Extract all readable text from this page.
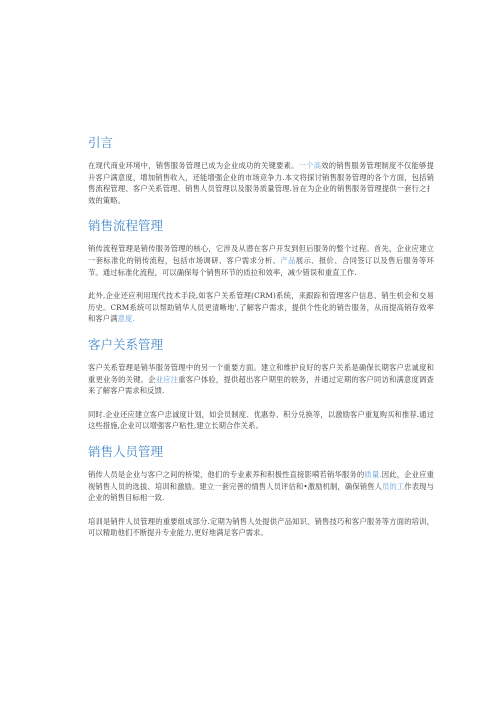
引言

在现代商业环境中，销售服务管理已成为企业成功的关键要素。一个高效的销售服务管理制度不仅能够提升客户满意度，增加销售收入，还能增强企业的市场竞争力.本文将探讨销售服务管理的各个方面，包括销售流程管理、客户关系管理、销售人员管理以及服务质量管理.旨在为企业的销售服务管理提供一套行之扌效的策略。

销售流程管理

销传流程管理是销传服务管理的核心，它涉及从潜在客户开发到但后服务的整个过程。首先，企业应建立一套标准化的销传流程，包括市场调研、客户需求分析、产品展示、报价、合同签订以及售后服务等环节。通过标准化流程，可以确保每个销售环节的质拉和效率，减少错误和重直工作.

此外,企业还应利用现代技术手段,如客户关系管理(CRM)系统，来跟踪和管理客户信息、销生机会和交易历史。CRM系统可以帮助销华人员更清晰地',了解客户需求，提供个性化的销告服务，从而提高销存效率和客户满意度.

客户关系管理

客户关系管理是销华服务管理中的另一个重要方面。建立和维护良好的客户关系是确保长期客户忠诚度和重更业务的关键。企业应注重客户体验，提供超出客户期里的轶务，并通过定期的客户同访和满意度调查来了解客户需求和反馈.

同时.企业还应建立客户忠诚度计划，如会员制度、优惠券、积分兑换等，以激励客户重复购买和推荐.通过这些措施,企业可以增强客户粘性,建立长期合作关系。

销售人员管理

销传人员是企业与客户之间的桥梁，他们的专业素养和积极性直接影嗬若销华服务的质量.因此，企业应重视销售人员的选拔、培训和激励。建立一套完善的情售人员评估和•激励机制，确保销售人员的工作表现与企业的销售目标相一致.

培训是销件人员管理的重要组成部分.定期为销售人处提供产品知识、销售技巧和客户服务等方面的培训，可以精助他们不断提升专业能力,更好地满足客户需求。
